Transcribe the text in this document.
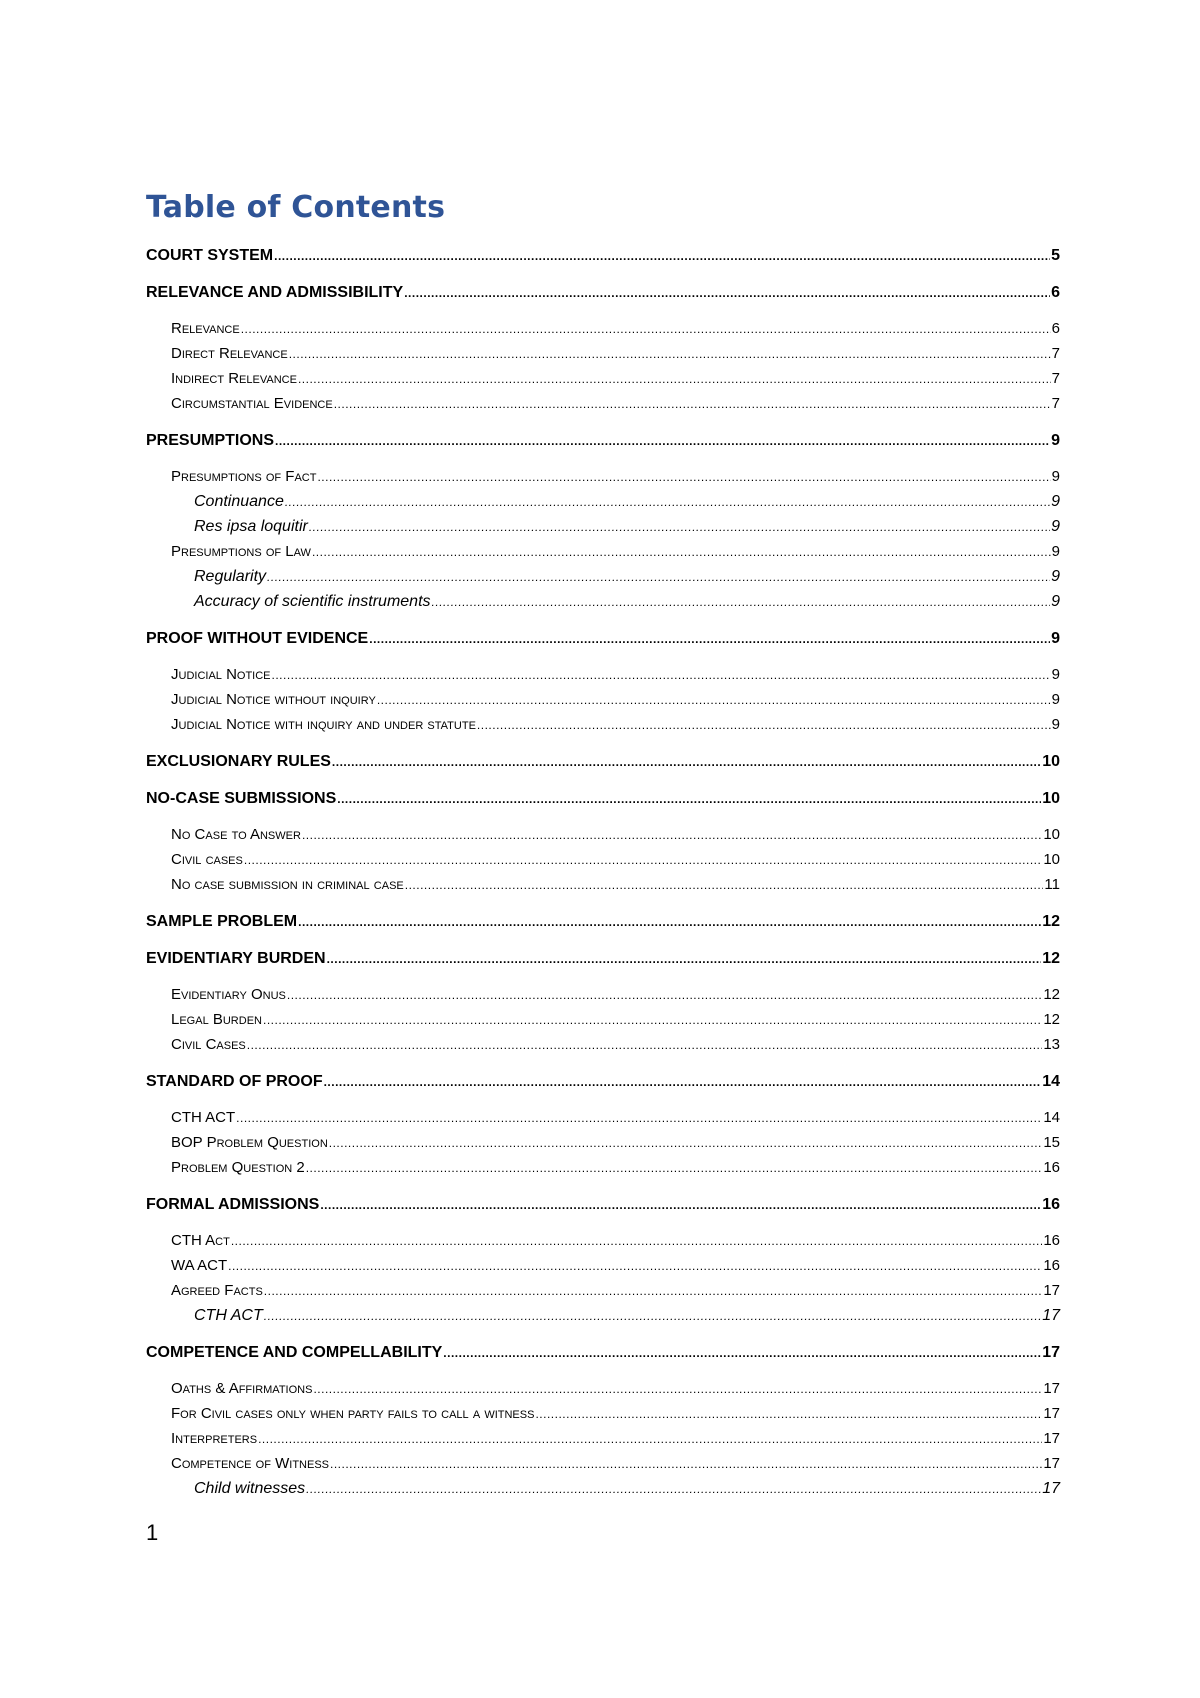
Table of Contents
COURT SYSTEM .....	5
RELEVANCE AND ADMISSIBILITY .....	6
Relevance .....	6
Direct Relevance .....	7
Indirect Relevance .....	7
Circumstantial Evidence .....	7
PRESUMPTIONS .....	9
Presumptions of Fact .....	9
Continuance .....	9
Res ipsa loquitir .....	9
Presumptions of Law .....	9
Regularity .....	9
Accuracy of scientific instruments .....	9
PROOF WITHOUT EVIDENCE .....	9
Judicial Notice .....	9
Judicial Notice without inquiry .....	9
Judicial Notice with inquiry and under statute .....	9
EXCLUSIONARY RULES .....	10
NO-CASE SUBMISSIONS .....	10
No Case to Answer .....	10
Civil cases .....	10
No case submission in criminal case .....	11
SAMPLE PROBLEM .....	12
EVIDENTIARY BURDEN .....	12
Evidentiary Onus .....	12
Legal Burden .....	12
Civil Cases .....	13
STANDARD OF PROOF .....	14
CTH ACT .....	14
BOP Problem Question .....	15
Problem Question 2 .....	16
FORMAL ADMISSIONS .....	16
CTH Act .....	16
WA ACT .....	16
Agreed Facts .....	17
CTH ACT .....	17
COMPETENCE AND COMPELLABILITY .....	17
Oaths & Affirmations .....	17
For Civil cases only when party fails to call a witness .....	17
Interpreters .....	17
Competence of Witness .....	17
Child witnesses .....	17
1
